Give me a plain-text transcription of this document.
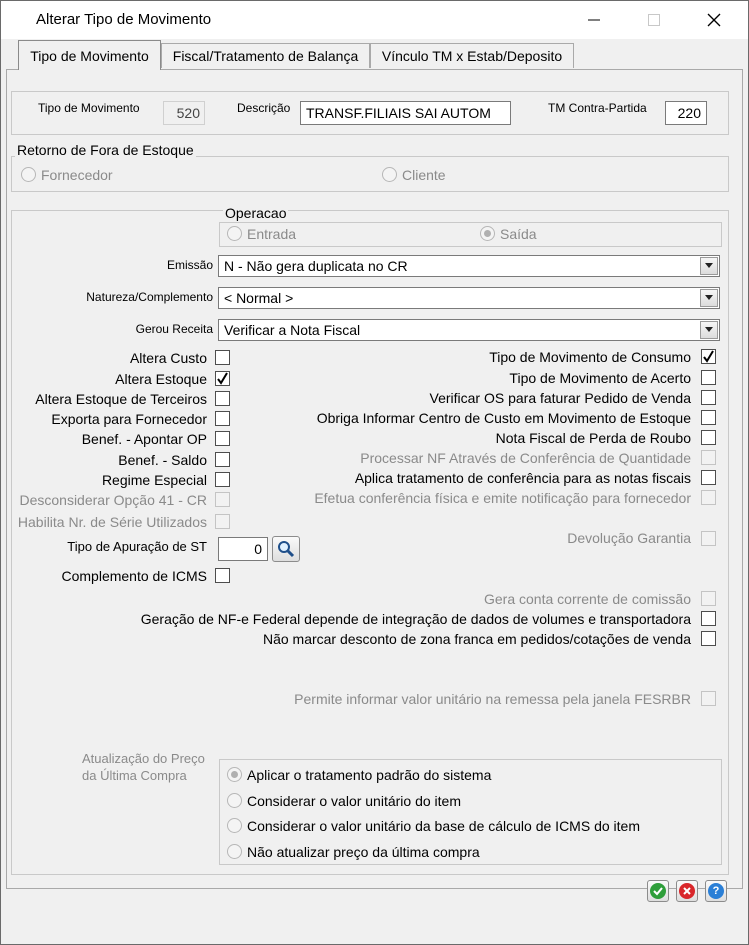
Alterar Tipo de Movimento
Tipo de Movimento Fiscal/Tratamento de Balança Vínculo TM x Estab/Deposito
Tipo de Movimento	520	Descrição	TRANSF.FILIAIS SAI AUTOM	TM Contra-Partida	220
Retorno de Fora de Estoque
Fornecedor	Cliente
Operacao
Entrada	Saída
Emissão N - Não gera duplicata no CR
Natureza/Complemento < Normal >
Gerou Receita Verificar a Nota Fiscal
Altera Custo
Altera Estoque
Altera Estoque de Terceiros
Exporta para Fornecedor
Benef. - Apontar OP
Benef. - Saldo
Regime Especial
Desconsiderar Opção 41 - CR
Habilita Nr. de Série Utilizados
Tipo de Movimento de Consumo
Tipo de Movimento de Acerto
Verificar OS para faturar Pedido de Venda
Obriga Informar Centro de Custo em Movimento de Estoque
Nota Fiscal de Perda de Roubo
Processar NF Através de Conferência de Quantidade
Aplica tratamento de conferência para as notas fiscais
Efetua conferência física e emite notificação para fornecedor
Tipo de Apuração de ST	0
Devolução Garantia
Complemento de ICMS
Gera conta corrente de comissão
Geração de NF-e Federal depende de integração de dados de volumes e transportadora
Não marcar desconto de zona franca em pedidos/cotações de venda
Permite informar valor unitário na remessa pela janela FESRBR
Atualização do Preço
da Última Compra	Aplicar o tratamento padrão do sistema
Considerar o valor unitário do item
Considerar o valor unitário da base de cálculo de ICMS do item
Não atualizar preço da última compra
?
